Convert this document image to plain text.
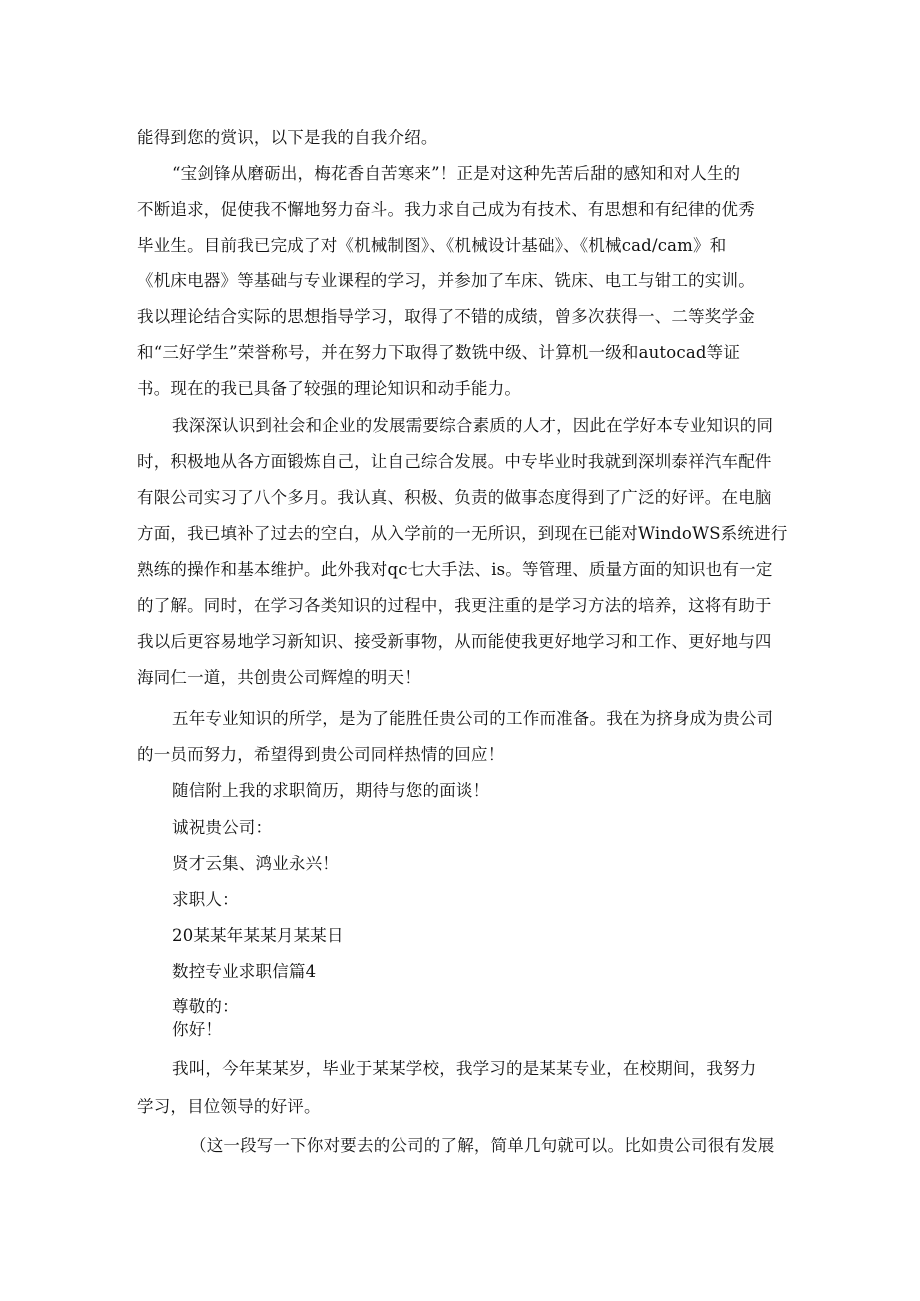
能得到您的赏识，以下是我的自我介绍。

“宝剑锋从磨砺出，梅花香自苦寒来”！正是对这种先苦后甜的感知和对人生的

不断追求，促使我不懈地努力奋斗。我力求自己成为有技术、有思想和有纪律的优秀

毕业生。目前我已完成了对《机械制图》、《机械设计基础》、《机械cad/cam》和

《机床电器》等基础与专业课程的学习，并参加了车床、铣床、电工与钳工的实训。

我以理论结合实际的思想指导学习，取得了不错的成绩，曾多次获得一、二等奖学金

和“三好学生”荣誉称号，并在努力下取得了数铣中级、计算机一级和autocad等证

书。现在的我已具备了较强的理论知识和动手能力。

我深深认识到社会和企业的发展需要综合素质的人才，因此在学好本专业知识的同

时，积极地从各方面锻炼自己，让自己综合发展。中专毕业时我就到深圳泰祥汽车配件

有限公司实习了八个多月。我认真、积极、负责的做事态度得到了广泛的好评。在电脑

方面，我已填补了过去的空白，从入学前的一无所识，到现在已能对WindoWS系统进行

熟练的操作和基本维护。此外我对qc七大手法、is。等管理、质量方面的知识也有一定

的了解。同时，在学习各类知识的过程中，我更注重的是学习方法的培养，这将有助于

我以后更容易地学习新知识、接受新事物，从而能使我更好地学习和工作、更好地与四

海同仁一道，共创贵公司辉煌的明天！

五年专业知识的所学，是为了能胜任贵公司的工作而准备。我在为挤身成为贵公司

的一员而努力，希望得到贵公司同样热情的回应！

随信附上我的求职简历，期待与您的面谈！

诚祝贵公司：

贤才云集、鸿业永兴！

求职人：

20某某年某某月某某日

数控专业求职信篇4

尊敬的：

你好！

我叫，今年某某岁，毕业于某某学校，我学习的是某某专业，在校期间，我努力

学习，目位领导的好评。

（这一段写一下你对要去的公司的了解，简单几句就可以。比如贵公司很有发展
